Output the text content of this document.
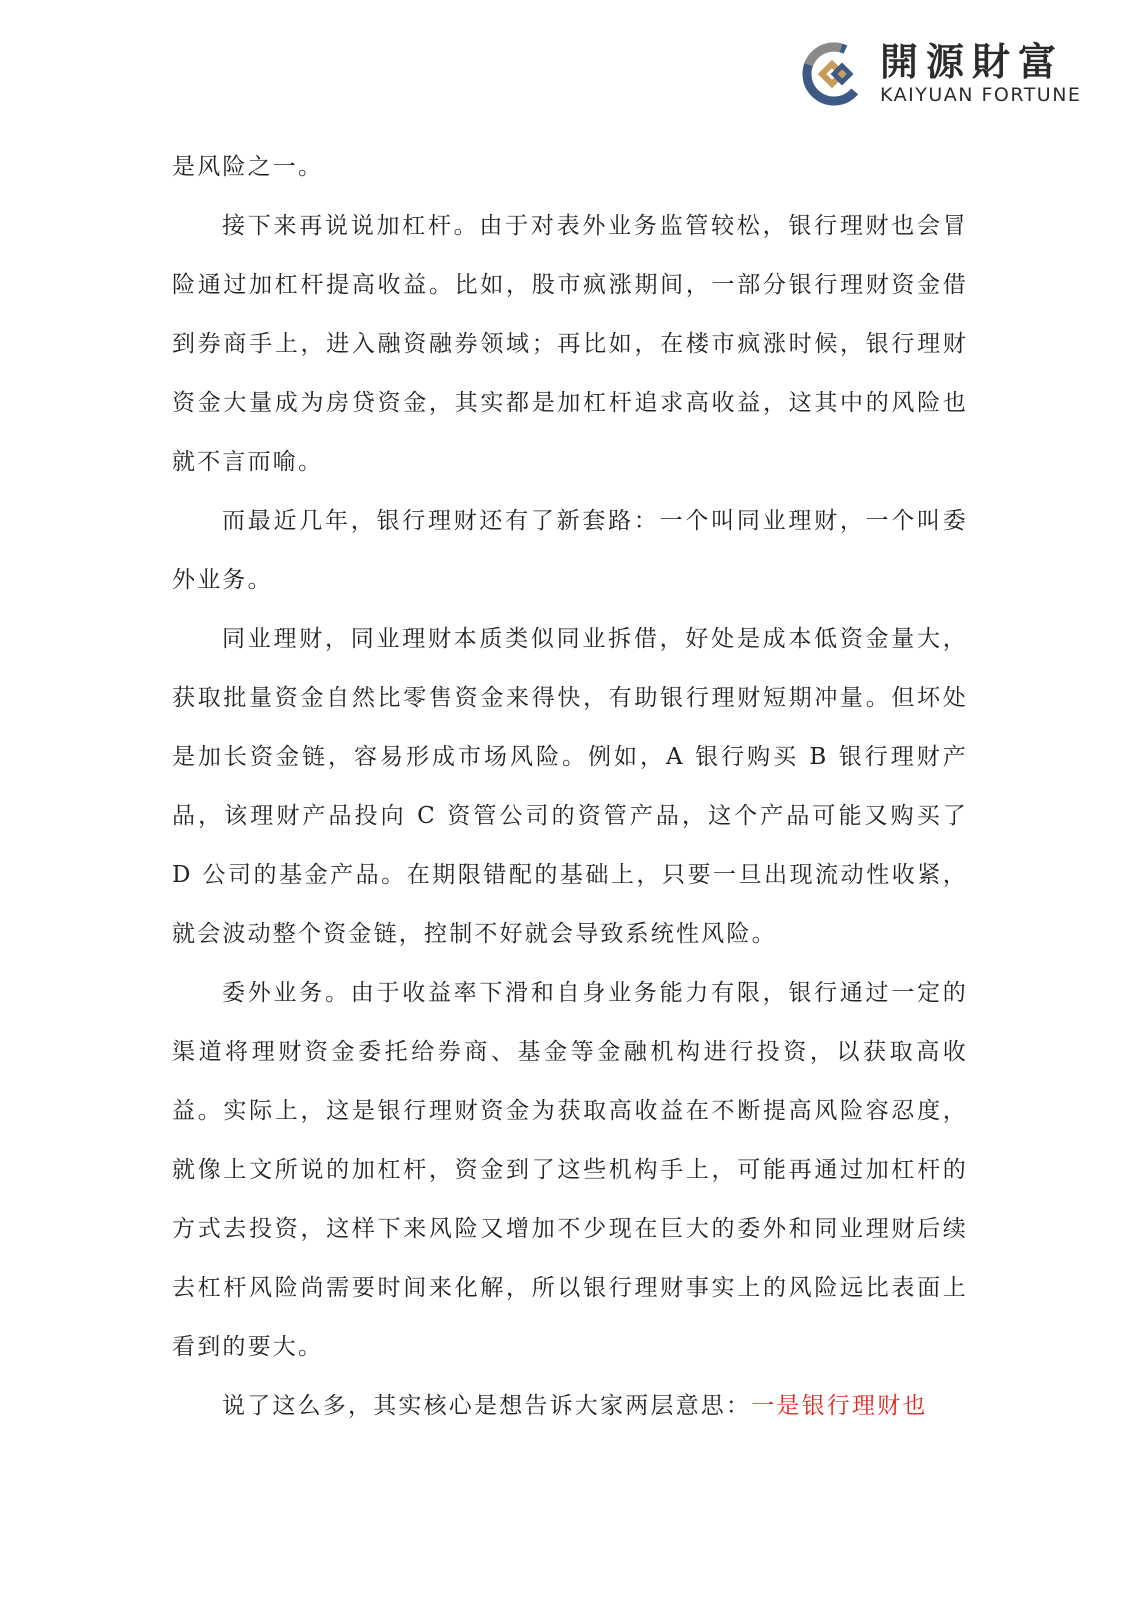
開源財富
KAIYUAN FORTUNE

是风险之一。

接下来再说说加杠杆。由于对表外业务监管较松，银行理财也会冒险通过加杠杆提高收益。比如，股市疯涨期间，一部分银行理财资金借到券商手上，进入融资融券领域；再比如，在楼市疯涨时候，银行理财资金大量成为房贷资金，其实都是加杠杆追求高收益，这其中的风险也就不言而喻。

而最近几年，银行理财还有了新套路：一个叫同业理财，一个叫委外业务。

同业理财，同业理财本质类似同业拆借，好处是成本低资金量大，获取批量资金自然比零售资金来得快，有助银行理财短期冲量。但坏处是加长资金链，容易形成市场风险。例如，A 银行购买 B 银行理财产品，该理财产品投向 C 资管公司的资管产品，这个产品可能又购买了 D 公司的基金产品。在期限错配的基础上，只要一旦出现流动性收紧，就会波动整个资金链，控制不好就会导致系统性风险。

委外业务。由于收益率下滑和自身业务能力有限，银行通过一定的渠道将理财资金委托给券商、基金等金融机构进行投资，以获取高收益。实际上，这是银行理财资金为获取高收益在不断提高风险容忍度，就像上文所说的加杠杆，资金到了这些机构手上，可能再通过加杠杆的方式去投资，这样下来风险又增加不少现在巨大的委外和同业理财后续去杠杆风险尚需要时间来化解，所以银行理财事实上的风险远比表面上看到的要大。

说了这么多，其实核心是想告诉大家两层意思：一是银行理财也
